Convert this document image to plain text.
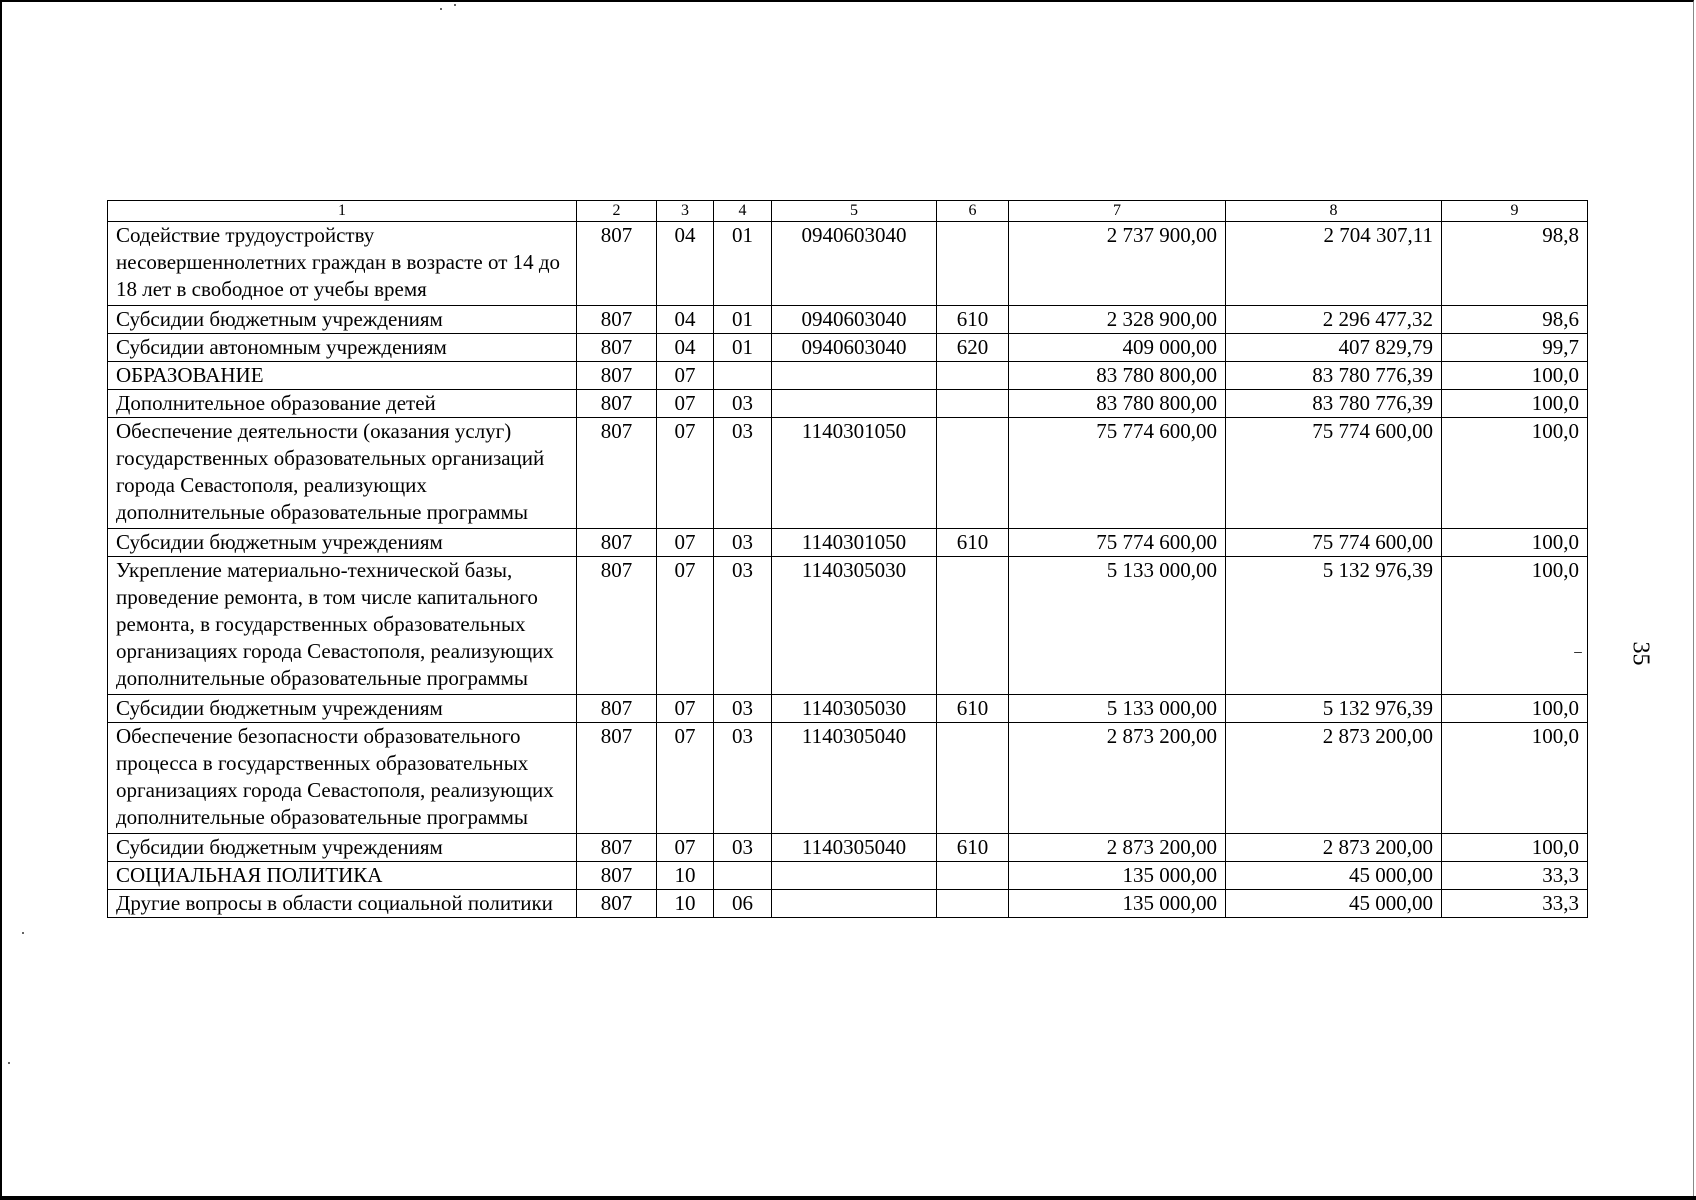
1	2	3	4	5	6	7	8	9
Содействие трудоустройству несовершеннолетних граждан в возрасте от 14 до 18 лет в свободное от учебы время	807	04	01	0940603040		2 737 900,00	2 704 307,11	98,8
Субсидии бюджетным учреждениям	807	04	01	0940603040	610	2 328 900,00	2 296 477,32	98,6
Субсидии автономным учреждениям	807	04	01	0940603040	620	409 000,00	407 829,79	99,7
ОБРАЗОВАНИЕ	807	07				83 780 800,00	83 780 776,39	100,0
Дополнительное образование детей	807	07	03			83 780 800,00	83 780 776,39	100,0
Обеспечение деятельности (оказания услуг) государственных образовательных организаций города Севастополя, реализующих дополнительные образовательные программы	807	07	03	1140301050		75 774 600,00	75 774 600,00	100,0
Субсидии бюджетным учреждениям	807	07	03	1140301050	610	75 774 600,00	75 774 600,00	100,0
Укрепление материально-технической базы, проведение ремонта, в том числе капитального ремонта, в государственных образовательных организациях города Севастополя, реализующих дополнительные образовательные программы	807	07	03	1140305030		5 133 000,00	5 132 976,39	100,0
Субсидии бюджетным учреждениям	807	07	03	1140305030	610	5 133 000,00	5 132 976,39	100,0
Обеспечение безопасности образовательного процесса в государственных образовательных организациях города Севастополя, реализующих дополнительные образовательные программы	807	07	03	1140305040		2 873 200,00	2 873 200,00	100,0
Субсидии бюджетным учреждениям	807	07	03	1140305040	610	2 873 200,00	2 873 200,00	100,0
СОЦИАЛЬНАЯ ПОЛИТИКА	807	10				135 000,00	45 000,00	33,3
Другие вопросы в области социальной политики	807	10	06			135 000,00	45 000,00	33,3
35
